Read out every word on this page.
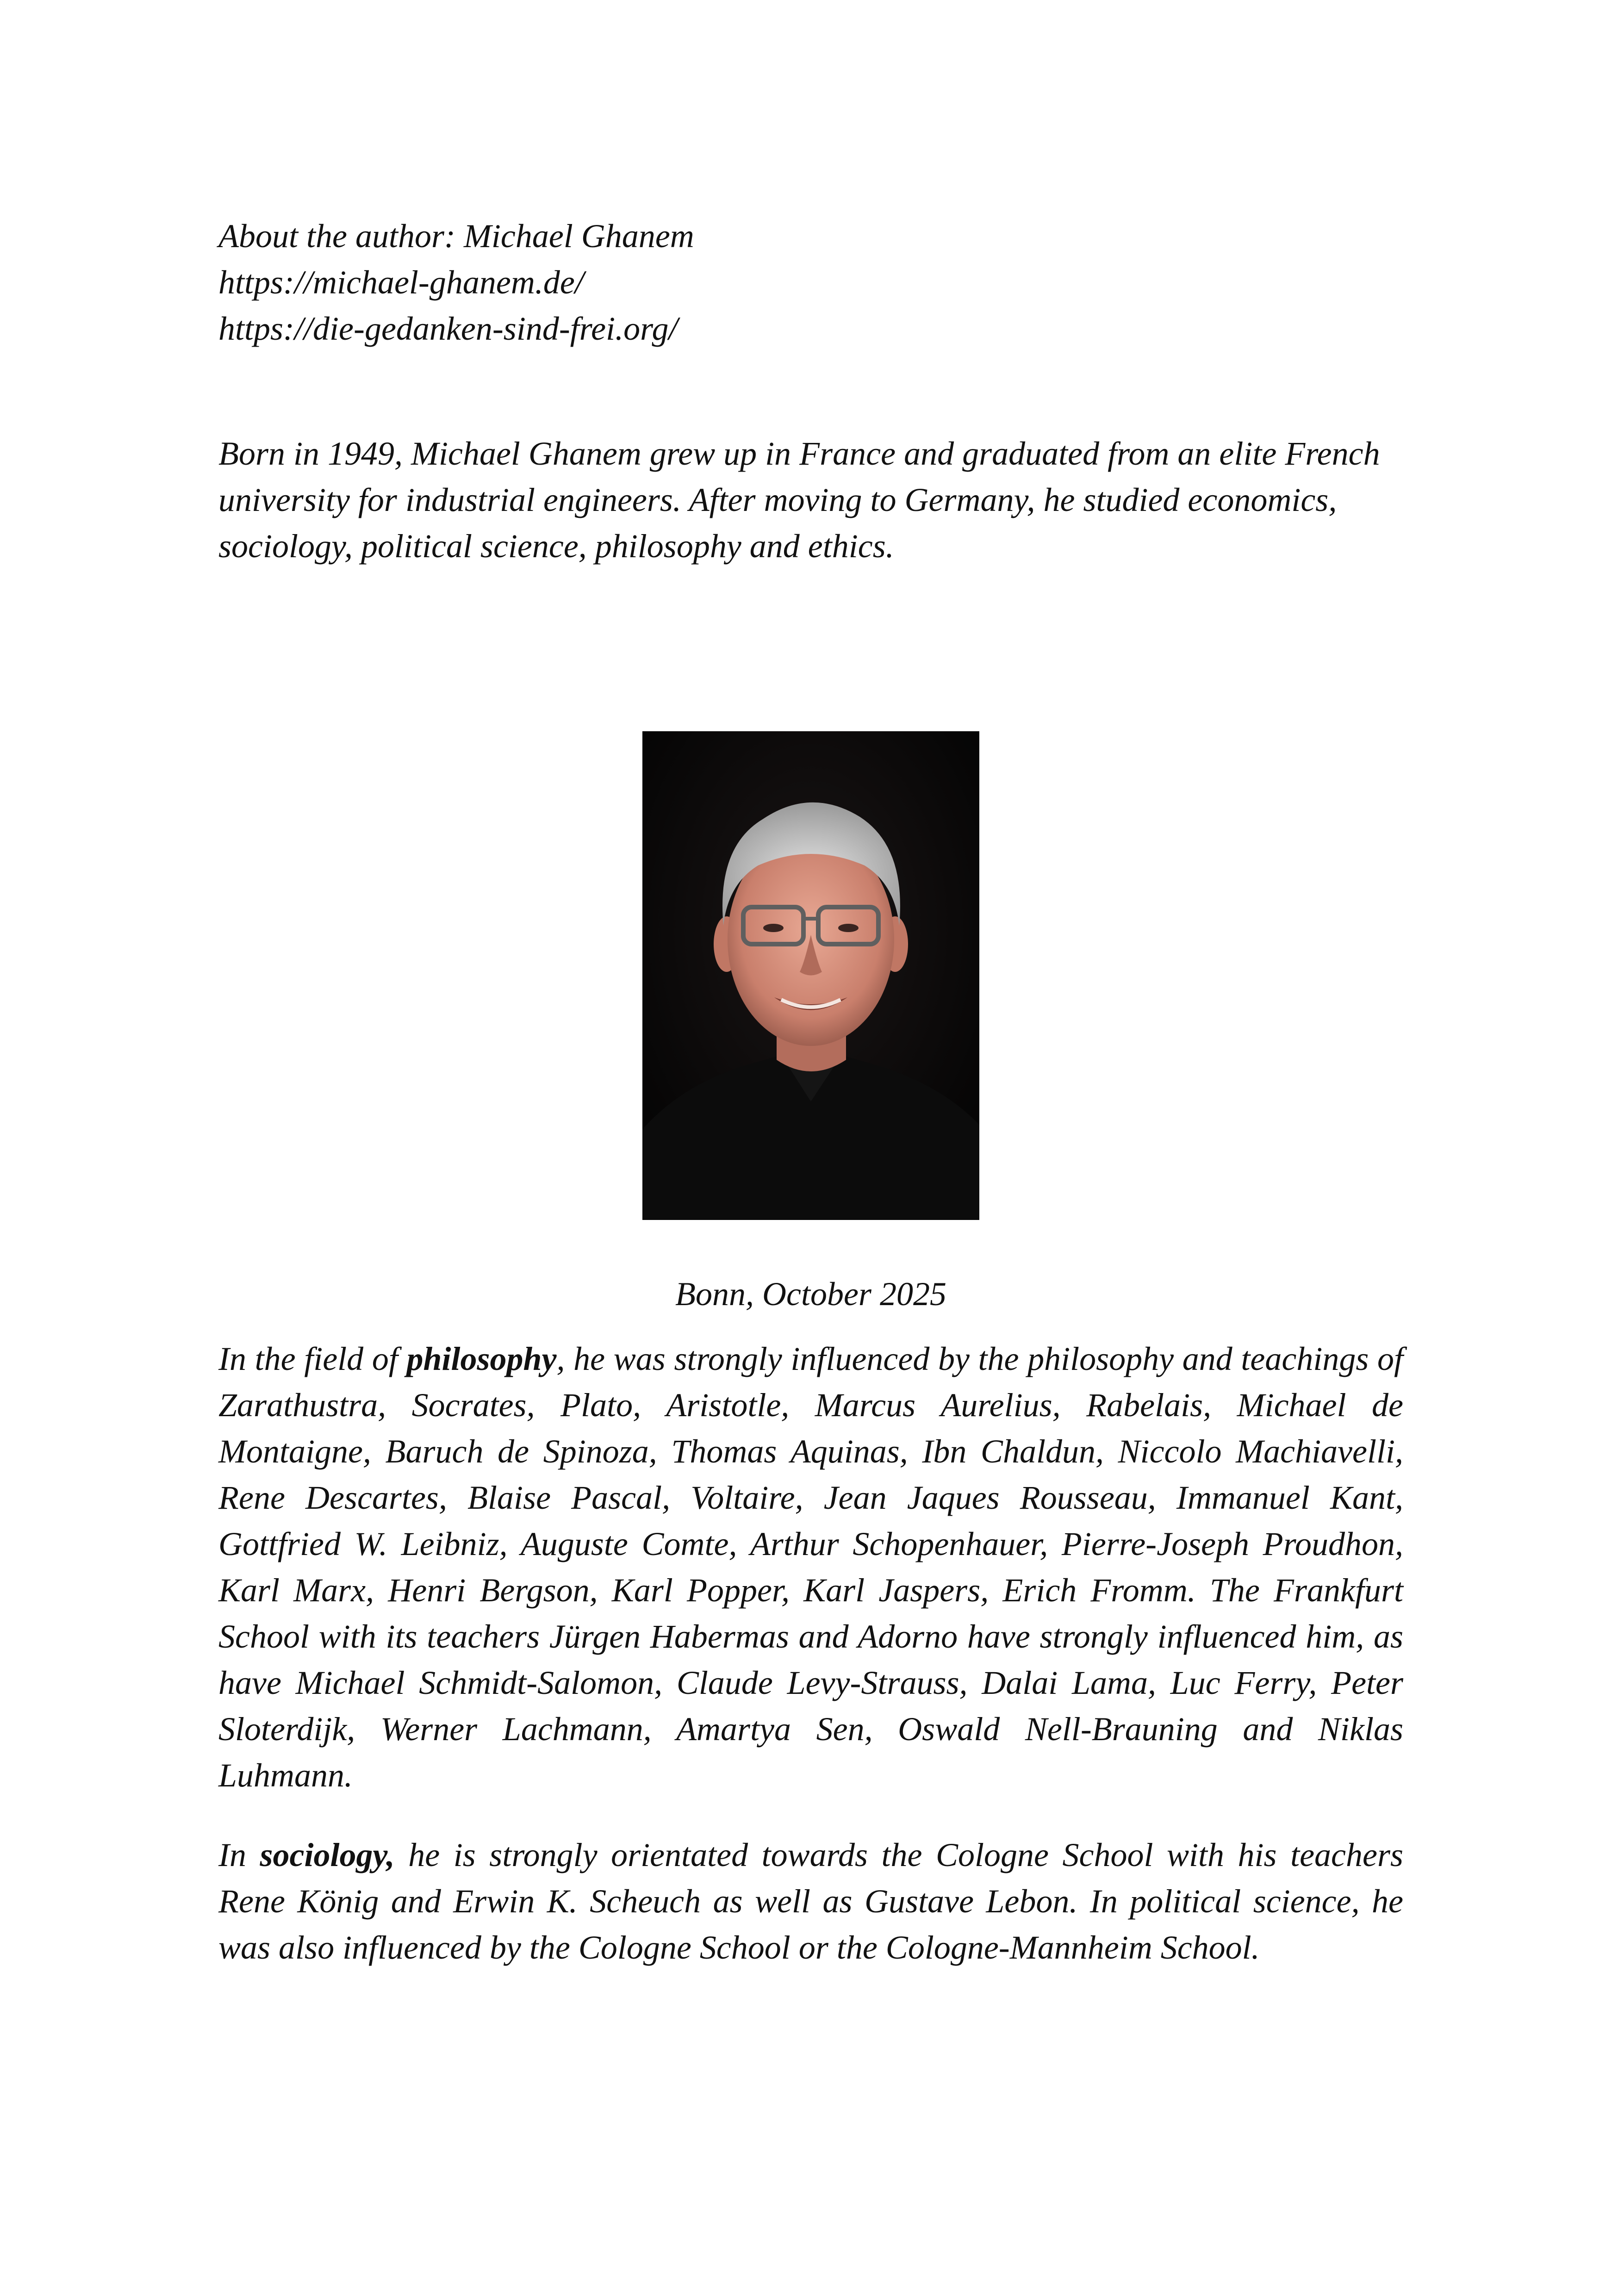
About the author: Michael Ghanem
https://michael-ghanem.de/
https://die-gedanken-sind-frei.org/
Born in 1949, Michael Ghanem grew up in France and graduated from an elite French university for industrial engineers. After moving to Germany, he studied economics, sociology, political science, philosophy and ethics.
Bonn, October 2025

In the field of philosophy, he was strongly influenced by the philosophy and teachings of Zarathustra, Socrates, Plato, Aristotle, Marcus Aurelius, Rabelais, Michael de Montaigne, Baruch de Spinoza, Thomas Aquinas, Ibn Chaldun, Niccolo Machiavelli, Rene Descartes, Blaise Pascal, Voltaire, Jean Jaques Rousseau, Immanuel Kant, Gottfried W. Leibniz, Auguste Comte, Arthur Schopenhauer, Pierre-Joseph Proudhon, Karl Marx, Henri Bergson, Karl Popper, Karl Jaspers, Erich Fromm. The Frankfurt School with its teachers Jürgen Habermas and Adorno have strongly influenced him, as have Michael Schmidt-Salomon, Claude Levy-Strauss, Dalai Lama, Luc Ferry, Peter Sloterdijk, Werner Lachmann, Amartya Sen, Oswald Nell-Brauning and Niklas Luhmann.

In sociology, he is strongly orientated towards the Cologne School with his teachers Rene König and Erwin K. Scheuch as well as Gustave Lebon. In political science, he was also influenced by the Cologne School or the Cologne-Mannheim School.
